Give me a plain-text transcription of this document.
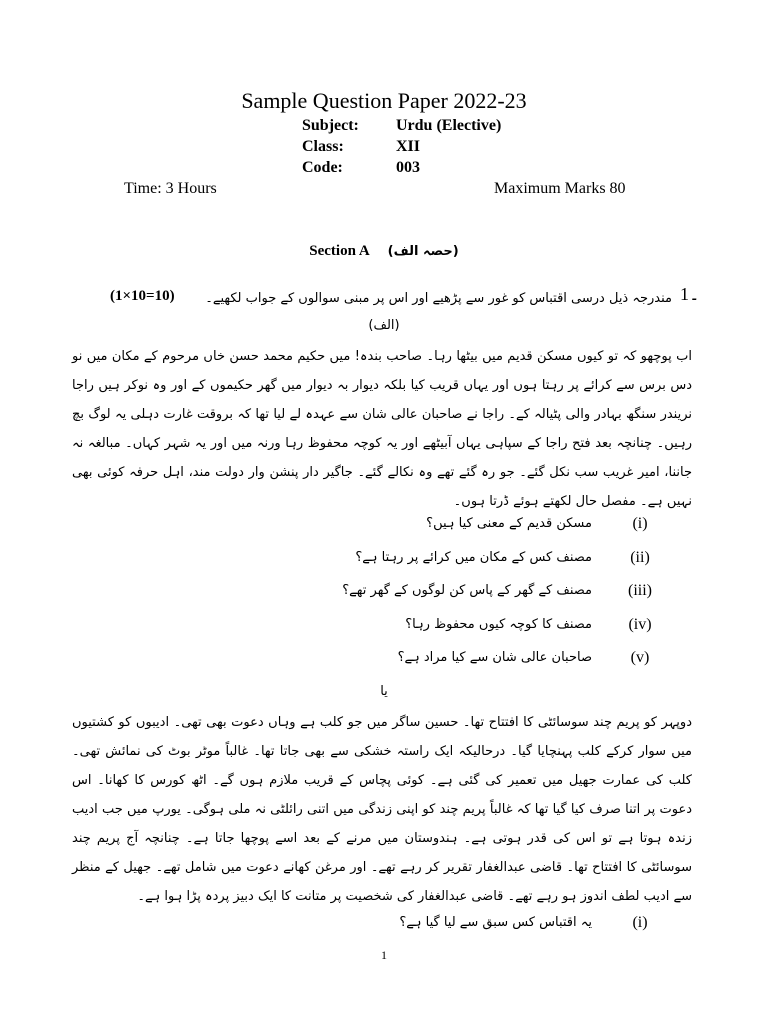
Sample Question Paper 2022-23
Subject: Urdu (Elective)
Class:	XII
Code:	003
Time: 3 Hours	Maximum Marks 80
Section A (حصہ الف)
(1×10=10)	1۔
مندرجہ ذیل درسی اقتباس کو غور سے پڑھیے اور اس پر مبنی سوالوں کے جواب لکھیے۔
(الف)
اب پوچھو کہ تو کیوں مسکن قدیم میں بیٹھا رہا۔ صاحب بندہ! میں حکیم محمد حسن خاں مرحوم کے مکان میں نو دس برس سے کرائے پر رہتا ہوں اور یہاں قریب کیا بلکہ دیوار بہ دیوار میں گھر حکیموں کے اور وہ نوکر ہیں راجا نریندر سنگھ بہادر والی پٹیالہ کے۔ راجا نے صاحبان عالی شان سے عہدہ لے لیا تھا کہ بروقت غارت دہلی یہ لوگ بچ رہیں۔ چنانچہ بعد فتح راجا کے سپاہی یہاں آبیٹھے اور یہ کوچہ محفوظ رہا ورنہ میں اور یہ شہر کہاں۔ مبالغہ نہ جاننا، امیر غریب سب نکل گئے۔ جو رہ گئے تھے وہ نکالے گئے۔ جاگیر دار پنشن وار دولت مند، اہل حرفہ کوئی بھی نہیں ہے۔ مفصل حال لکھتے ہوئے ڈرتا ہوں۔
(i)
مسکن قدیم کے معنی کیا ہیں؟
(ii)
مصنف کس کے مکان میں کرائے پر رہتا ہے؟
(iii)
مصنف کے گھر کے پاس کن لوگوں کے گھر تھے؟
(iv)
مصنف کا کوچہ کیوں محفوظ رہا؟
(v)
صاحبان عالی شان سے کیا مراد ہے؟
یا
دوپہر کو پریم چند سوسائٹی کا افتتاح تھا۔ حسین ساگر میں جو کلب ہے وہاں دعوت بھی تھی۔ ادیبوں کو کشتیوں میں سوار کرکے کلب پہنچایا گیا۔ درحالیکہ ایک راستہ خشکی سے بھی جاتا تھا۔ غالباً موٹر بوٹ کی نمائش تھی۔ کلب کی عمارت جھیل میں تعمیر کی گئی ہے۔ کوئی پچاس کے قریب ملازم ہوں گے۔ اٹھ کورس کا کھانا۔ اس دعوت پر اتنا صرف کیا گیا تھا کہ غالباً پریم چند کو اپنی زندگی میں اتنی رائلٹی نہ ملی ہوگی۔ یورپ میں جب ادیب زندہ ہوتا ہے تو اس کی قدر ہوتی ہے۔ ہندوستان میں مرنے کے بعد اسے پوچھا جاتا ہے۔ چنانچہ آج پریم چند سوسائٹی کا افتتاح تھا۔ قاضی عبدالغفار تقریر کر رہے تھے۔ اور مرغن کھانے دعوت میں شامل تھے۔ جھیل کے منظر سے ادیب لطف اندوز ہو رہے تھے۔ قاضی عبدالغفار کی شخصیت پر متانت کا ایک دبیز پردہ پڑا ہوا ہے۔
(i)
یہ اقتباس کس سبق سے لیا گیا ہے؟
1
